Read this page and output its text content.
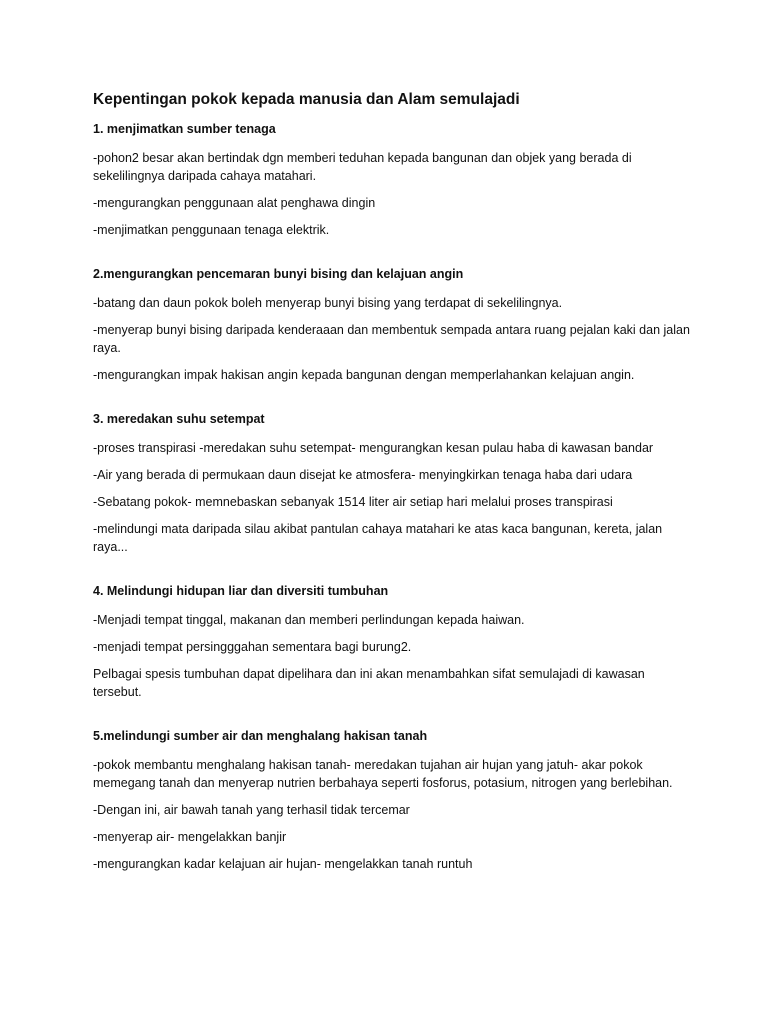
Kepentingan pokok kepada manusia dan Alam semulajadi
1. menjimatkan sumber tenaga

-pohon2 besar akan bertindak dgn memberi teduhan kepada bangunan dan objek yang berada di sekelilingnya daripada cahaya matahari.

-mengurangkan penggunaan alat penghawa dingin

-menjimatkan penggunaan tenaga elektrik.

2.mengurangkan pencemaran bunyi bising dan kelajuan angin

-batang dan daun pokok boleh menyerap bunyi bising yang terdapat di sekelilingnya.

-menyerap bunyi bising daripada kenderaaan dan membentuk sempada antara ruang pejalan kaki dan jalan raya.

-mengurangkan impak hakisan angin kepada bangunan dengan memperlahankan kelajuan angin.

3. meredakan suhu setempat

-proses transpirasi -meredakan suhu setempat- mengurangkan kesan pulau haba di kawasan bandar

-Air yang berada di permukaan daun disejat ke atmosfera- menyingkirkan tenaga haba dari udara

-Sebatang pokok- memnebaskan sebanyak 1514 liter air setiap hari melalui proses transpirasi

-melindungi mata daripada silau akibat pantulan cahaya matahari ke atas kaca bangunan, kereta, jalan raya...

4. Melindungi hidupan liar dan diversiti tumbuhan

-Menjadi tempat tinggal, makanan dan memberi perlindungan kepada haiwan.

-menjadi tempat persingggahan sementara bagi burung2.

Pelbagai spesis tumbuhan dapat dipelihara dan ini akan menambahkan sifat semulajadi di kawasan tersebut.

5.melindungi sumber air dan menghalang hakisan tanah

-pokok membantu menghalang hakisan tanah- meredakan tujahan air hujan yang jatuh- akar pokok memegang tanah dan menyerap nutrien berbahaya seperti fosforus, potasium, nitrogen yang berlebihan.

-Dengan ini, air bawah tanah yang terhasil tidak tercemar

-menyerap air- mengelakkan banjir

-mengurangkan kadar kelajuan air hujan- mengelakkan tanah runtuh
